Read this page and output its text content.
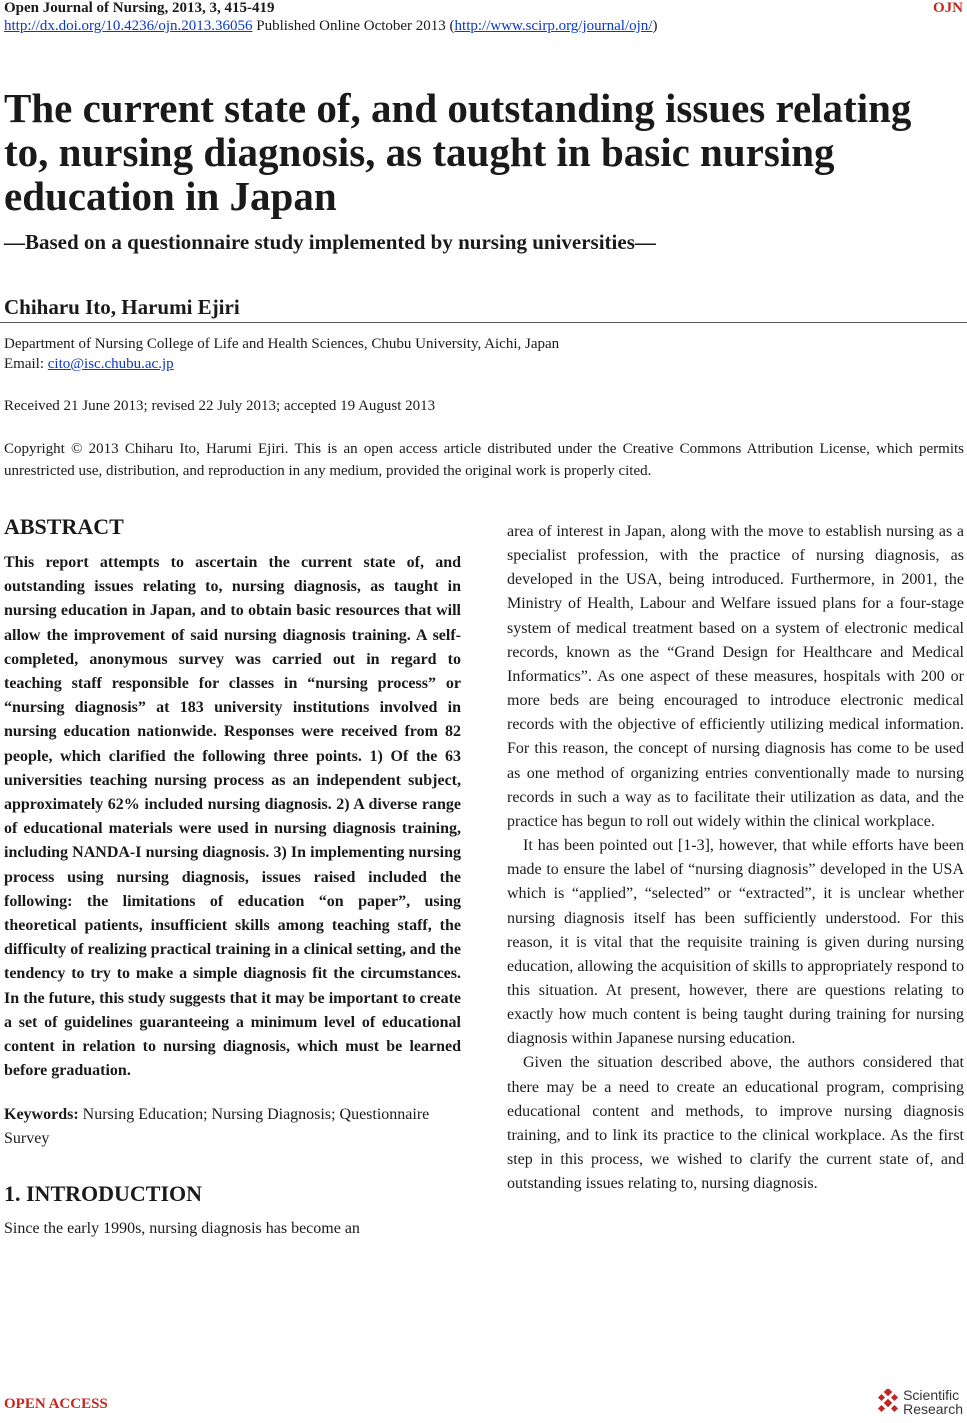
Open Journal of Nursing, 2013, 3, 415-419	OJN
http://dx.doi.org/10.4236/ojn.2013.36056 Published Online October 2013 (http://www.scirp.org/journal/ojn/)
The current state of, and outstanding issues relating to, nursing diagnosis, as taught in basic nursing education in Japan
—Based on a questionnaire study implemented by nursing universities—
Chiharu Ito, Harumi Ejiri
Department of Nursing College of Life and Health Sciences, Chubu University, Aichi, Japan
Email: cito@isc.chubu.ac.jp
Received 21 June 2013; revised 22 July 2013; accepted 19 August 2013
Copyright © 2013 Chiharu Ito, Harumi Ejiri. This is an open access article distributed under the Creative Commons Attribution License, which permits unrestricted use, distribution, and reproduction in any medium, provided the original work is properly cited.
ABSTRACT

This report attempts to ascertain the current state of, and outstanding issues relating to, nursing diagnosis, as taught in nursing education in Japan, and to obtain basic resources that will allow the improvement of said nursing diagnosis training. A self-completed, anonymous survey was carried out in regard to teaching staff responsible for classes in “nursing process” or “nursing diagnosis” at 183 university institutions involved in nursing education nationwide. Responses were received from 82 people, which clarified the following three points. 1) Of the 63 universities teaching nursing process as an independent subject, approximately 62% included nursing diagnosis. 2) A diverse range of educational materials were used in nursing diagnosis training, including NANDA-I nursing diagnosis. 3) In implementing nursing process using nursing diagnosis, issues raised included the following: the limitations of education “on paper”, using theoretical patients, insufficient skills among teaching staff, the difficulty of realizing practical training in a clinical setting, and the tendency to try to make a simple diagnosis fit the circumstances. In the future, this study suggests that it may be important to create a set of guidelines guaranteeing a minimum level of educational content in relation to nursing diagnosis, which must be learned before graduation.

Keywords: Nursing Education; Nursing Diagnosis; Questionnaire Survey

1. INTRODUCTION

Since the early 1990s, nursing diagnosis has become an

area of interest in Japan, along with the move to establish nursing as a specialist profession, with the practice of nursing diagnosis, as developed in the USA, being introduced. Furthermore, in 2001, the Ministry of Health, Labour and Welfare issued plans for a four-stage system of medical treatment based on a system of electronic medical records, known as the “Grand Design for Healthcare and Medical Informatics”. As one aspect of these measures, hospitals with 200 or more beds are being encouraged to introduce electronic medical records with the objective of efficiently utilizing medical information. For this reason, the concept of nursing diagnosis has come to be used as one method of organizing entries conventionally made to nursing records in such a way as to facilitate their utilization as data, and the practice has begun to roll out widely within the clinical workplace.

It has been pointed out [1-3], however, that while efforts have been made to ensure the label of “nursing diagnosis” developed in the USA which is “applied”, “selected” or “extracted”, it is unclear whether nursing diagnosis itself has been sufficiently understood. For this reason, it is vital that the requisite training is given during nursing education, allowing the acquisition of skills to appropriately respond to this situation. At present, however, there are questions relating to exactly how much content is being taught during training for nursing diagnosis within Japanese nursing education.

Given the situation described above, the authors considered that there may be a need to create an educational program, comprising educational content and methods, to improve nursing diagnosis training, and to link its practice to the clinical workplace. As the first step in this process, we wished to clarify the current state of, and outstanding issues relating to, nursing diagnosis.

OPEN ACCESS
Scientific
Research
